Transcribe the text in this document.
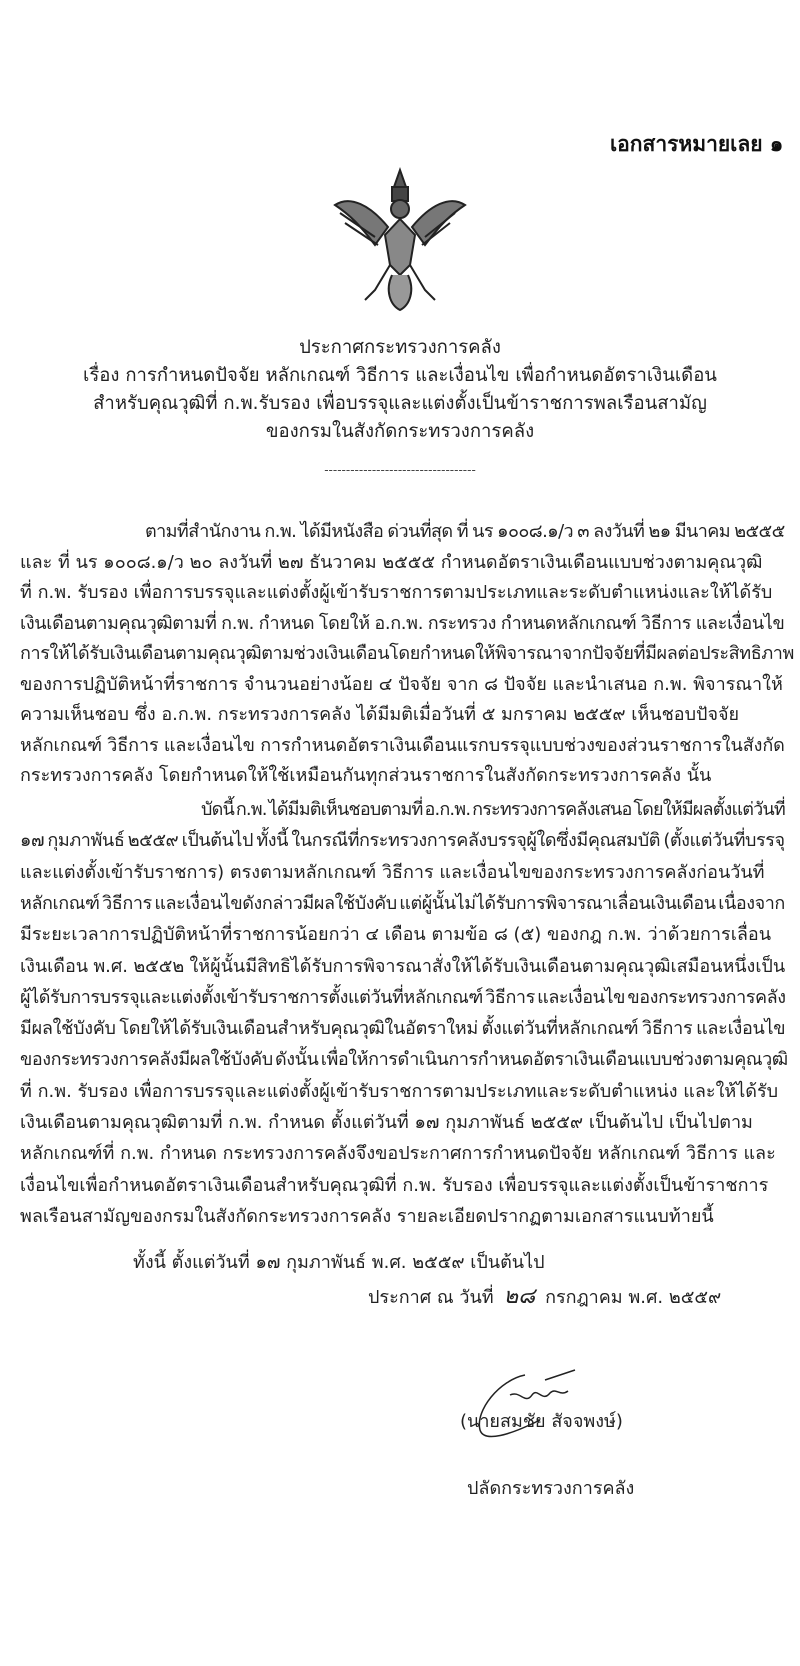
เอกสารหมายเลย ๑
ประกาศกระทรวงการคลัง
เรื่อง การกำหนดปัจจัย หลักเกณฑ์ วิธีการ และเงื่อนไข เพื่อกำหนดอัตราเงินเดือน
สำหรับคุณวุฒิที่ ก.พ.รับรอง เพื่อบรรจุและแต่งตั้งเป็นข้าราชการพลเรือนสามัญ
ของกรมในสังกัดกระทรวงการคลัง
-----------------------------------
ตามที่สำนักงาน ก.พ. ได้มีหนังสือ ด่วนที่สุด ที่ นร ๑๐๐๘.๑/ว ๓ ลงวันที่ ๒๑ มีนาคม ๒๕๕๕
และ ที่ นร ๑๐๐๘.๑/ว ๒๐ ลงวันที่ ๒๗ ธันวาคม ๒๕๕๕ กำหนดอัตราเงินเดือนแบบช่วงตามคุณวุฒิ
ที่ ก.พ. รับรอง เพื่อการบรรจุและแต่งตั้งผู้เข้ารับราชการตามประเภทและระดับตำแหน่งและให้ได้รับ
เงินเดือนตามคุณวุฒิตามที่ ก.พ. กำหนด โดยให้ อ.ก.พ. กระทรวง กำหนดหลักเกณฑ์ วิธีการ และเงื่อนไข
การให้ได้รับเงินเดือนตามคุณวุฒิตามช่วงเงินเดือนโดยกำหนดให้พิจารณาจากปัจจัยที่มีผลต่อประสิทธิภาพ
ของการปฏิบัติหน้าที่ราชการ จำนวนอย่างน้อย ๔ ปัจจัย จาก ๘ ปัจจัย และนำเสนอ ก.พ. พิจารณาให้
ความเห็นชอบ ซึ่ง อ.ก.พ. กระทรวงการคลัง ได้มีมติเมื่อวันที่ ๕ มกราคม ๒๕๕๙ เห็นชอบปัจจัย
หลักเกณฑ์ วิธีการ และเงื่อนไข การกำหนดอัตราเงินเดือนแรกบรรจุแบบช่วงของส่วนราชการในสังกัด
กระทรวงการคลัง โดยกำหนดให้ใช้เหมือนกันทุกส่วนราชการในสังกัดกระทรวงการคลัง นั้น
บัดนี้ ก.พ. ได้มีมติเห็นชอบตามที่ อ.ก.พ. กระทรวงการคลังเสนอ โดยให้มีผลตั้งแต่วันที่
๑๗ กุมภาพันธ์ ๒๕๕๙ เป็นต้นไป ทั้งนี้ ในกรณีที่กระทรวงการคลังบรรจุผู้ใดซึ่งมีคุณสมบัติ (ตั้งแต่วันที่บรรจุ
และแต่งตั้งเข้ารับราชการ) ตรงตามหลักเกณฑ์ วิธีการ และเงื่อนไขของกระทรวงการคลังก่อนวันที่
หลักเกณฑ์ วิธีการ และเงื่อนไขดังกล่าวมีผลใช้บังคับ แต่ผู้นั้นไม่ได้รับการพิจารณาเลื่อนเงินเดือน เนื่องจาก
มีระยะเวลาการปฏิบัติหน้าที่ราชการน้อยกว่า ๔ เดือน ตามข้อ ๘ (๕) ของกฎ ก.พ. ว่าด้วยการเลื่อน
เงินเดือน พ.ศ. ๒๕๕๒ ให้ผู้นั้นมีสิทธิได้รับการพิจารณาสั่งให้ได้รับเงินเดือนตามคุณวุฒิเสมือนหนึ่งเป็น
ผู้ได้รับการบรรจุและแต่งตั้งเข้ารับราชการตั้งแต่วันที่หลักเกณฑ์ วิธีการ และเงื่อนไข ของกระทรวงการคลัง
มีผลใช้บังคับ โดยให้ได้รับเงินเดือนสำหรับคุณวุฒิในอัตราใหม่ ตั้งแต่วันที่หลักเกณฑ์ วิธีการ และเงื่อนไข
ของกระทรวงการคลังมีผลใช้บังคับ ดังนั้น เพื่อให้การดำเนินการกำหนดอัตราเงินเดือนแบบช่วงตามคุณวุฒิ
ที่ ก.พ. รับรอง เพื่อการบรรจุและแต่งตั้งผู้เข้ารับราชการตามประเภทและระดับตำแหน่ง และให้ได้รับ
เงินเดือนตามคุณวุฒิตามที่ ก.พ. กำหนด ตั้งแต่วันที่ ๑๗ กุมภาพันธ์ ๒๕๕๙ เป็นต้นไป เป็นไปตาม
หลักเกณฑ์ที่ ก.พ. กำหนด กระทรวงการคลังจึงขอประกาศการกำหนดปัจจัย หลักเกณฑ์ วิธีการ และ
เงื่อนไขเพื่อกำหนดอัตราเงินเดือนสำหรับคุณวุฒิที่ ก.พ. รับรอง เพื่อบรรจุและแต่งตั้งเป็นข้าราชการ
พลเรือนสามัญของกรมในสังกัดกระทรวงการคลัง รายละเอียดปรากฏตามเอกสารแนบท้ายนี้
ทั้งนี้ ตั้งแต่วันที่ ๑๗ กุมภาพันธ์ พ.ศ. ๒๕๕๙ เป็นต้นไป
ประกาศ ณ วันที่ ๒๘ กรกฎาคม พ.ศ. ๒๕๕๙
(นายสมชัย สัจจพงษ์)
ปลัดกระทรวงการคลัง
